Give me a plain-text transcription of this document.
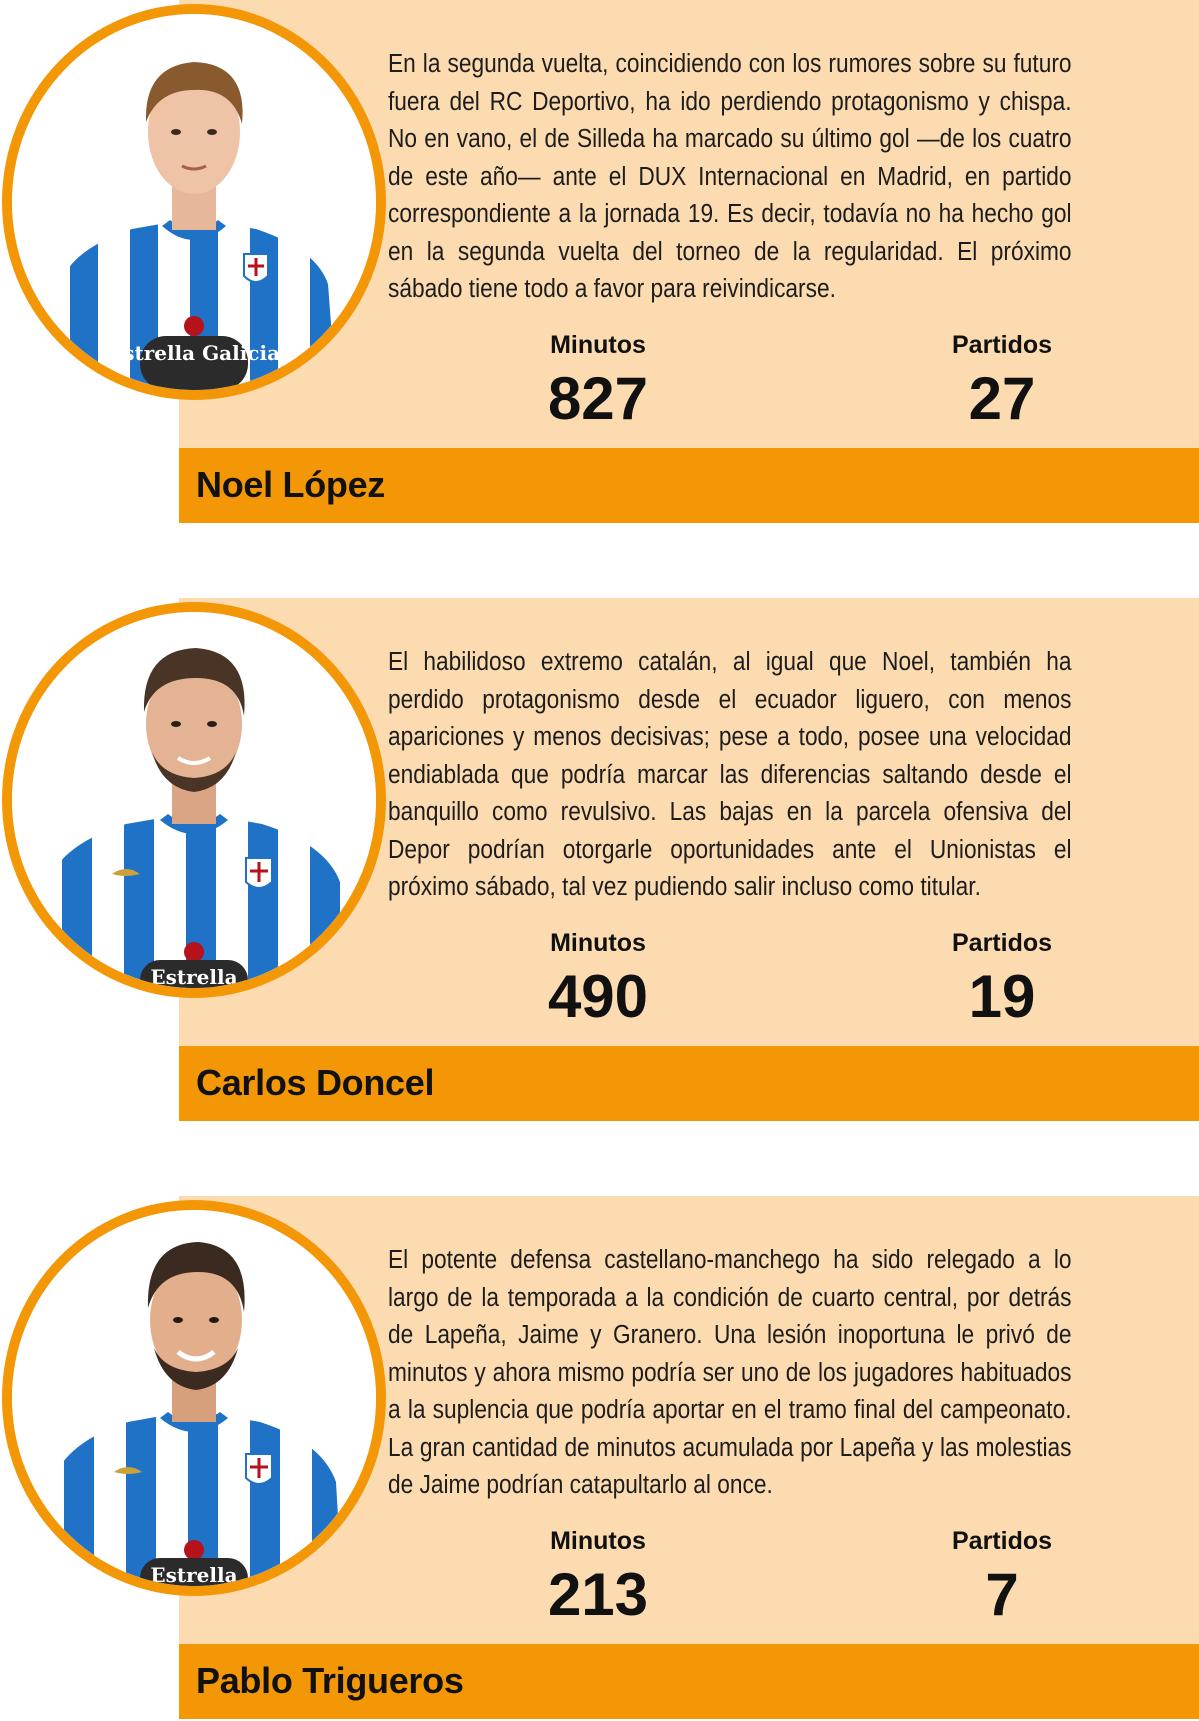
En la segunda vuelta, coincidiendo con los rumores sobre su futuro fuera del RC Deportivo, ha ido perdiendo protagonismo y chispa. No en vano, el de Silleda ha marcado su último gol —de los cuatro de este año— ante el DUX Internacional en Madrid, en partido correspondiente a la jornada 19. Es decir, todavía no ha hecho gol en la segunda vuelta del torneo de la regularidad. El próximo sábado tiene todo a favor para reivindicarse.

Minutos
827
Partidos
27
Noel López
Estrella Galicia

El habilidoso extremo catalán, al igual que Noel, también ha perdido protagonismo desde el ecuador liguero, con menos apariciones y menos decisivas; pese a todo, posee una velocidad endiablada que podría marcar las diferencias saltando desde el banquillo como revulsivo. Las bajas en la parcela ofensiva del Depor podrían otorgarle oportunidades ante el Unionistas el próximo sábado, tal vez pudiendo salir incluso como titular.

Minutos
490
Partidos
19
Carlos Doncel
Estrella

El potente defensa castellano-manchego ha sido relegado a lo largo de la temporada a la condición de cuarto central, por detrás de Lapeña, Jaime y Granero. Una lesión inoportuna le privó de minutos y ahora mismo podría ser uno de los jugadores habituados a la suplencia que podría aportar en el tramo final del campeonato. La gran cantidad de minutos acumulada por Lapeña y las molestias de Jaime podrían catapultarlo al once.

Minutos
213
Partidos
7
Pablo Trigueros
Estrella
